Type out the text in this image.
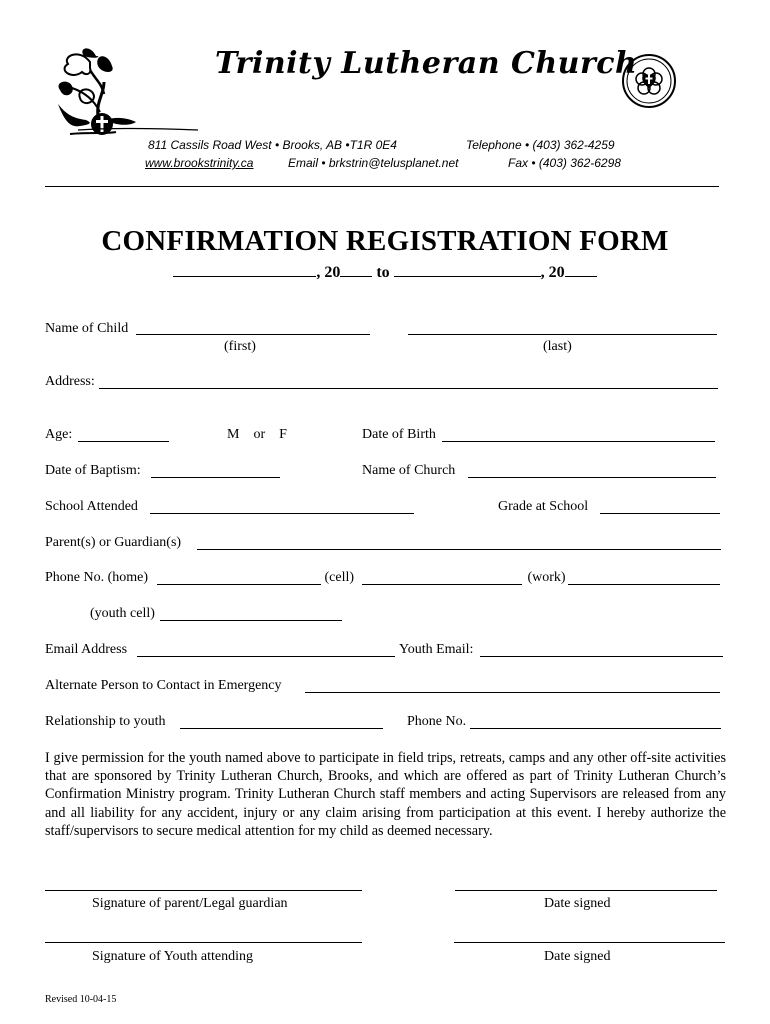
Trinity Lutheran Church
811 Cassils Road West • Brooks, AB •T1R 0E4	Telephone • (403) 362-4259
www.brookstrinity.ca	Email • brkstrin@telusplanet.net	Fax • (403) 362-6298
CONFIRMATION REGISTRATION FORM
, 20 to	, 20
Name of Child
(first)	(last)
Address:
Age:	M    or    F	Date of Birth
Date of Baptism:	Name of Church
School Attended	Grade at School
Parent(s) or Guardian(s)
Phone No. (home)	(cell)	(work)
(youth cell)
Email Address	Youth Email:
Alternate Person to Contact in Emergency
Relationship to youth	Phone No.
I give permission for the youth named above to participate in field trips, retreats, camps and any other off-site activities that are sponsored by Trinity Lutheran Church, Brooks, and which are offered as part of Trinity Lutheran Church’s Confirmation Ministry program. Trinity Lutheran Church staff members and acting Supervisors are released from any and all liability for any accident, injury or any claim arising from participation at this event. I hereby authorize the staff/supervisors to secure medical attention for my child as deemed necessary.
Signature of parent/Legal guardian	Date signed
Signature of Youth attending	Date signed
Revised 10-04-15
